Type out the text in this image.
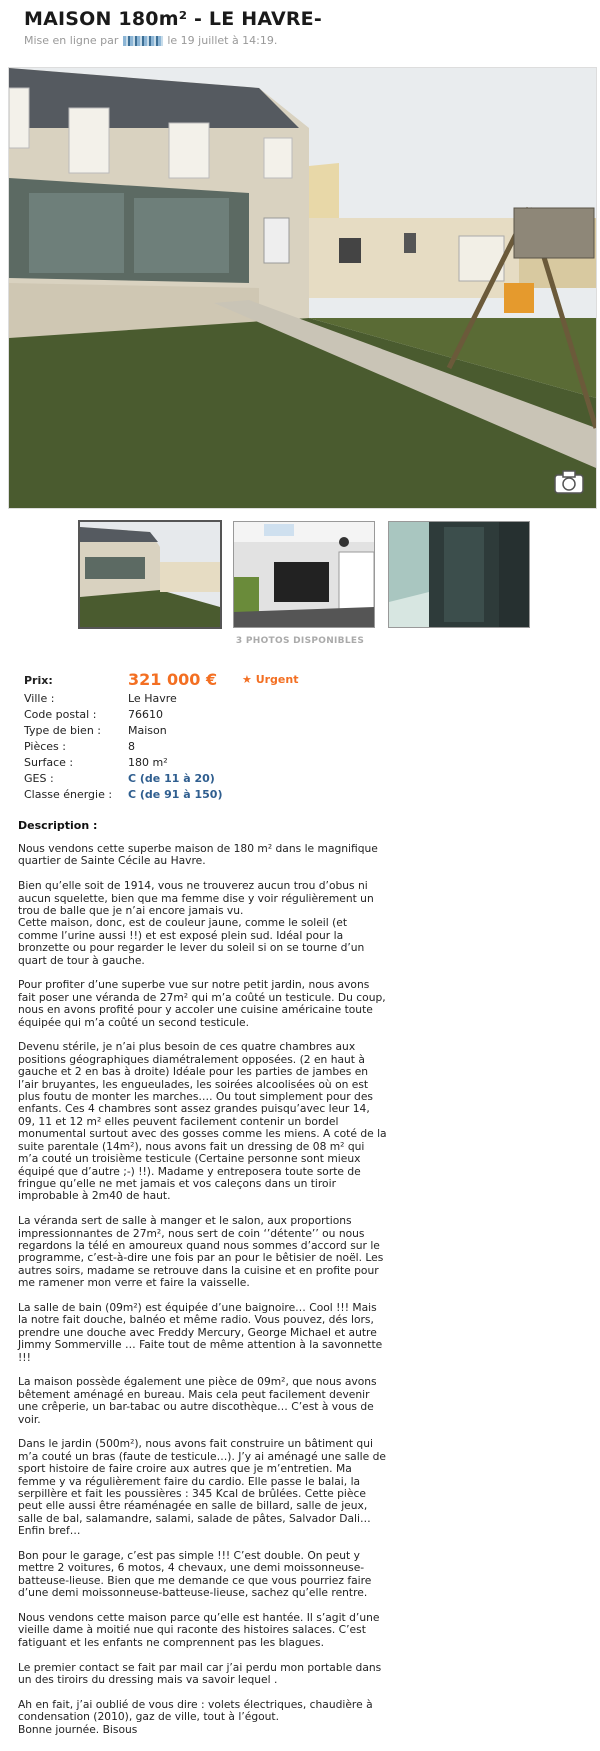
MAISON 180m² - LE HAVRE-
Mise en ligne par	le 19 juillet à 14:19.
3 PHOTOS DISPONIBLES
Prix:	321 000 € ★ Urgent
Ville :	Le Havre
Code postal :	76610
Type de bien : Maison
Pièces :	8
Surface :	180 m²
GES :	C (de 11 à 20)
Classe énergie : C (de 91 à 150)
Description :

Nous vendons cette superbe maison de 180 m² dans le magnifique
quartier de Sainte Cécile au Havre.

Bien qu’elle soit de 1914, vous ne trouverez aucun trou d’obus ni
aucun squelette, bien que ma femme dise y voir régulièrement un
trou de balle que je n’ai encore jamais vu.
Cette maison, donc, est de couleur jaune, comme le soleil (et
comme l’urine aussi !!) et est exposé plein sud. Idéal pour la
bronzette ou pour regarder le lever du soleil si on se tourne d’un
quart de tour à gauche.

Pour profiter d’une superbe vue sur notre petit jardin, nous avons
fait poser une véranda de 27m² qui m’a coûté un testicule. Du coup,
nous en avons profité pour y accoler une cuisine américaine toute
équipée qui m’a coûté un second testicule.

Devenu stérile, je n’ai plus besoin de ces quatre chambres aux
positions géographiques diamétralement opposées. (2 en haut à
gauche et 2 en bas à droite) Idéale pour les parties de jambes en
l’air bruyantes, les engueulades, les soirées alcoolisées où on est
plus foutu de monter les marches…. Ou tout simplement pour des
enfants. Ces 4 chambres sont assez grandes puisqu’avec leur 14,
09, 11 et 12 m² elles peuvent facilement contenir un bordel
monumental surtout avec des gosses comme les miens. A coté de la
suite parentale (14m²), nous avons fait un dressing de 08 m² qui
m’a couté un troisième testicule (Certaine personne sont mieux
équipé que d’autre ;-) !!). Madame y entreposera toute sorte de
fringue qu’elle ne met jamais et vos caleçons dans un tiroir
improbable à 2m40 de haut.

La véranda sert de salle à manger et le salon, aux proportions
impressionnantes de 27m², nous sert de coin ‘’détente’’ ou nous
regardons la télé en amoureux quand nous sommes d’accord sur le
programme, c’est-à-dire une fois par an pour le bêtisier de noël. Les
autres soirs, madame se retrouve dans la cuisine et en profite pour
me ramener mon verre et faire la vaisselle.

La salle de bain (09m²) est équipée d’une baignoire… Cool !!! Mais
la notre fait douche, balnéo et même radio. Vous pouvez, dés lors,
prendre une douche avec Freddy Mercury, George Michael et autre
Jimmy Sommerville … Faite tout de même attention à la savonnette
!!!

La maison possède également une pièce de 09m², que nous avons
bêtement aménagé en bureau. Mais cela peut facilement devenir
une crêperie, un bar-tabac ou autre discothèque… C’est à vous de
voir.

Dans le jardin (500m²), nous avons fait construire un bâtiment qui
m’a couté un bras (faute de testicule…). J’y ai aménagé une salle de
sport histoire de faire croire aux autres que je m’entretien. Ma
femme y va régulièrement faire du cardio. Elle passe le balai, la
serpillère et fait les poussières : 345 Kcal de brûlées. Cette pièce
peut elle aussi être réaménagée en salle de billard, salle de jeux,
salle de bal, salamandre, salami, salade de pâtes, Salvador Dali…
Enfin bref…

Bon pour le garage, c’est pas simple !!! C’est double. On peut y
mettre 2 voitures, 6 motos, 4 chevaux, une demi moissonneuse-
batteuse-lieuse. Bien que me demande ce que vous pourriez faire
d’une demi moissonneuse-batteuse-lieuse, sachez qu’elle rentre.

Nous vendons cette maison parce qu’elle est hantée. Il s’agit d’une
vieille dame à moitié nue qui raconte des histoires salaces. C’est
fatiguant et les enfants ne comprennent pas les blagues.

Le premier contact se fait par mail car j’ai perdu mon portable dans
un des tiroirs du dressing mais va savoir lequel .

Ah en fait, j’ai oublié de vous dire : volets électriques, chaudière à
condensation (2010), gaz de ville, tout à l’égout.
Bonne journée. Bisous
